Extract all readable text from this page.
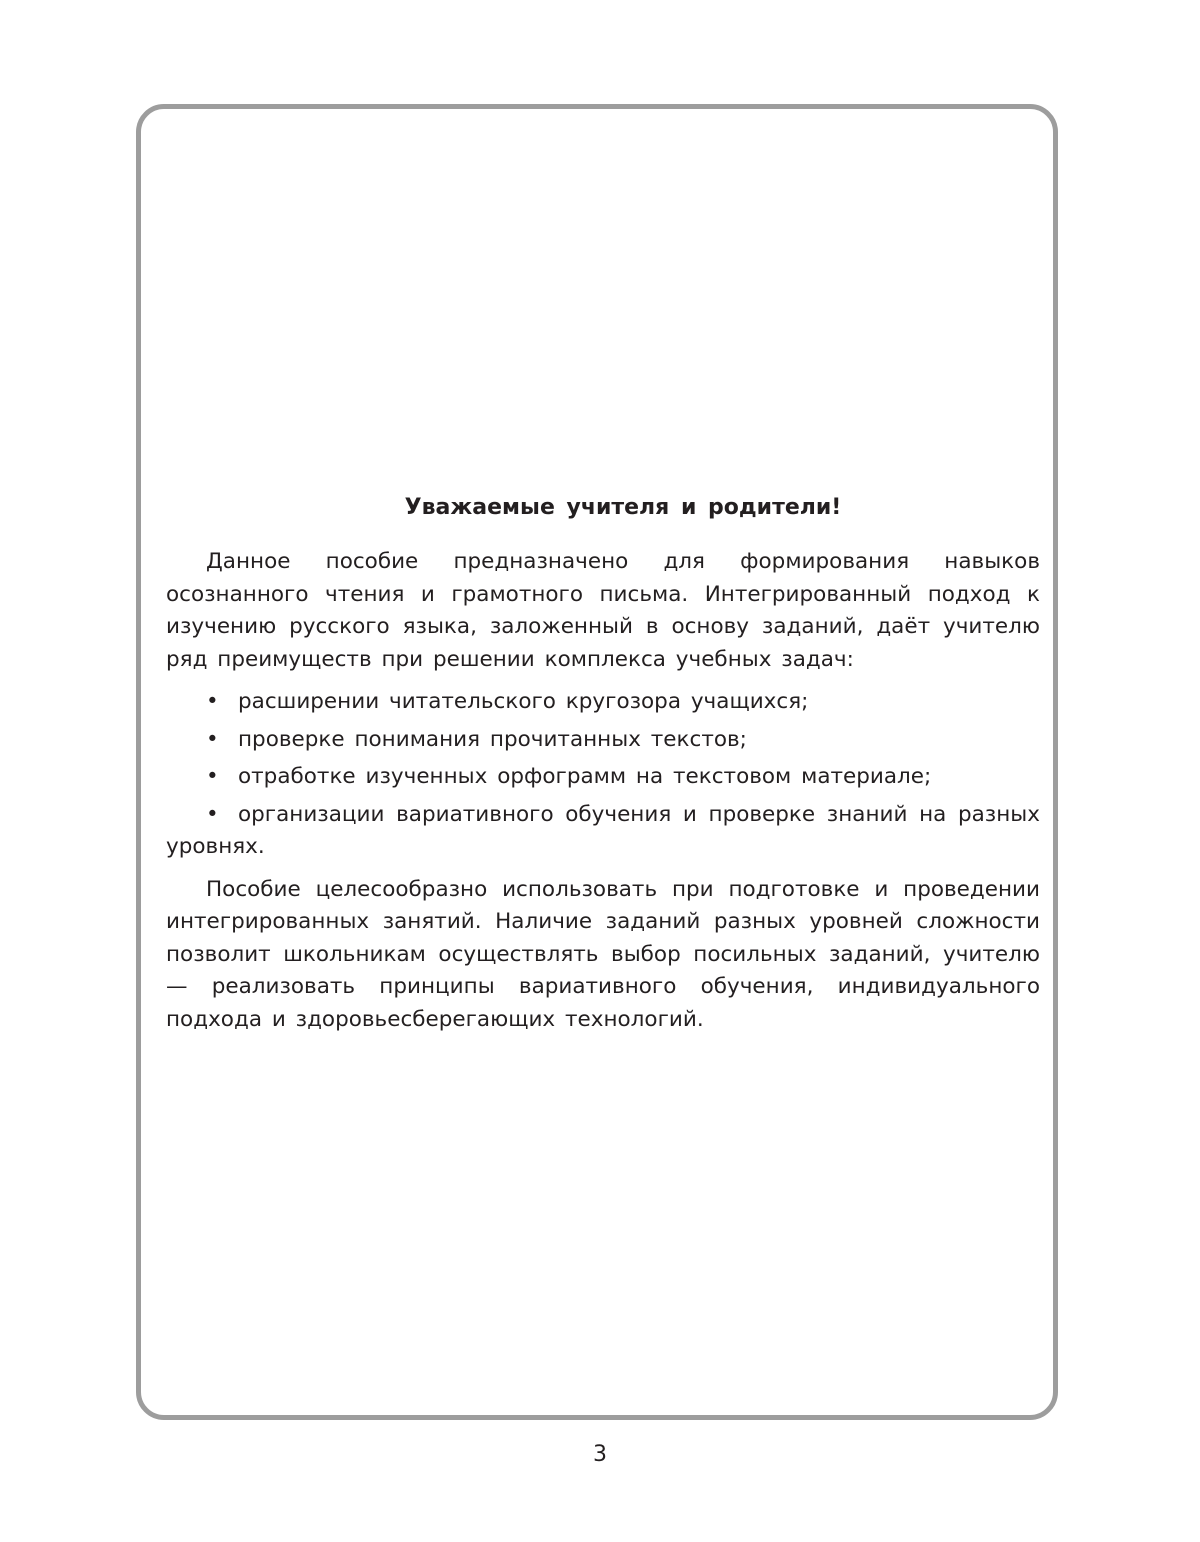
Уважаемые учителя и родители!

Данное пособие предназначено для формирования навыков осознанного чтения и грамотного письма. Интегрированный подход к изучению русского языка, заложенный в основу заданий, даёт учителю ряд преимуществ при решении комплекса учебных задач:

• расширении читательского кругозора учащихся;
• проверке понимания прочитанных текстов;
• отработке изученных орфограмм на текстовом материале;
• организации вариативного обучения и проверке знаний на разных уровнях.

Пособие целесообразно использовать при подготовке и проведении интегрированных занятий. Наличие заданий разных уровней сложности позволит школьникам осуществлять выбор посильных заданий, учителю — реализовать принципы вариативного обучения, индивидуального подхода и здоровьесберегающих технологий.

3
